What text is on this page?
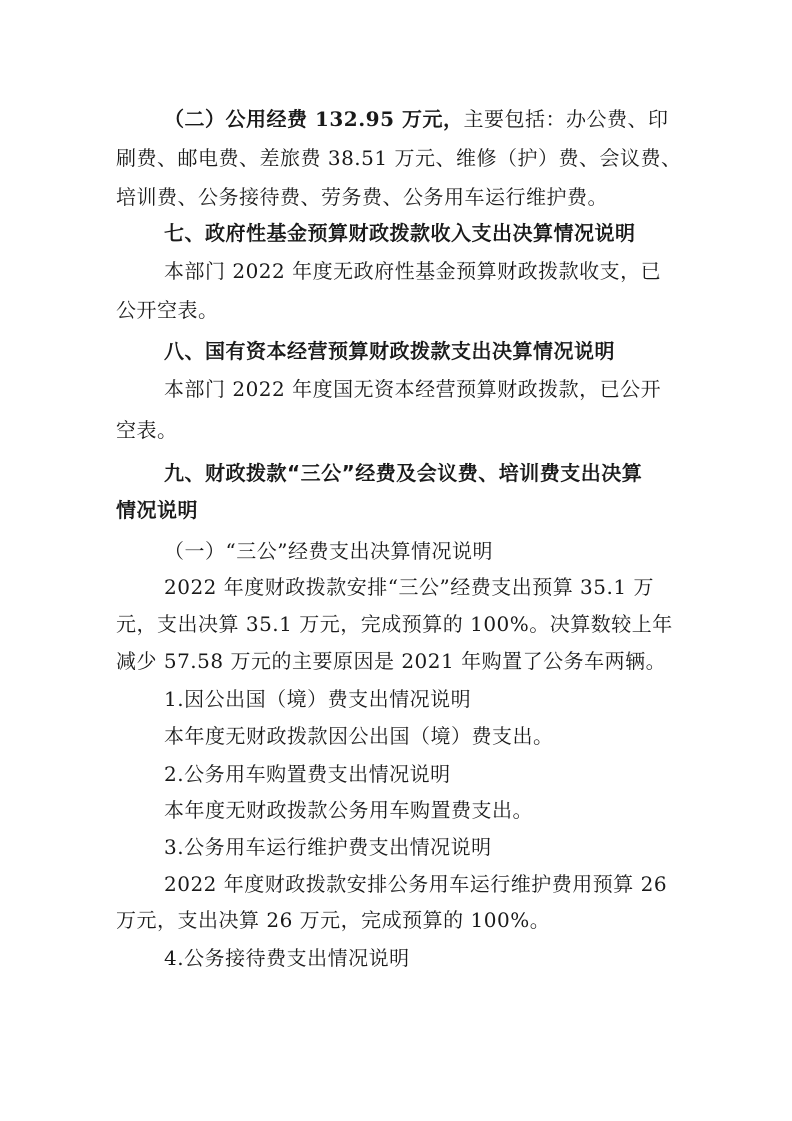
（二）公用经费 132.95 万元，主要包括：办公费、印
刷费、邮电费、差旅费 38.51 万元、维修（护）费、会议费、
培训费、公务接待费、劳务费、公务用车运行维护费。
七、政府性基金预算财政拨款收入支出决算情况说明
本部门 2022 年度无政府性基金预算财政拨款收支，已
公开空表。
八、国有资本经营预算财政拨款支出决算情况说明
本部门 2022 年度国无资本经营预算财政拨款，已公开
空表。
九、财政拨款“三公”经费及会议费、培训费支出决算
情况说明
（一）“三公”经费支出决算情况说明
2022 年度财政拨款安排“三公”经费支出预算 35.1 万
元，支出决算 35.1 万元，完成预算的 100%。决算数较上年
减少 57.58 万元的主要原因是 2021 年购置了公务车两辆。
1.因公出国（境）费支出情况说明
本年度无财政拨款因公出国（境）费支出。
2.公务用车购置费支出情况说明
本年度无财政拨款公务用车购置费支出。
3.公务用车运行维护费支出情况说明
2022 年度财政拨款安排公务用车运行维护费用预算 26
万元，支出决算 26 万元，完成预算的 100%。
4.公务接待费支出情况说明
